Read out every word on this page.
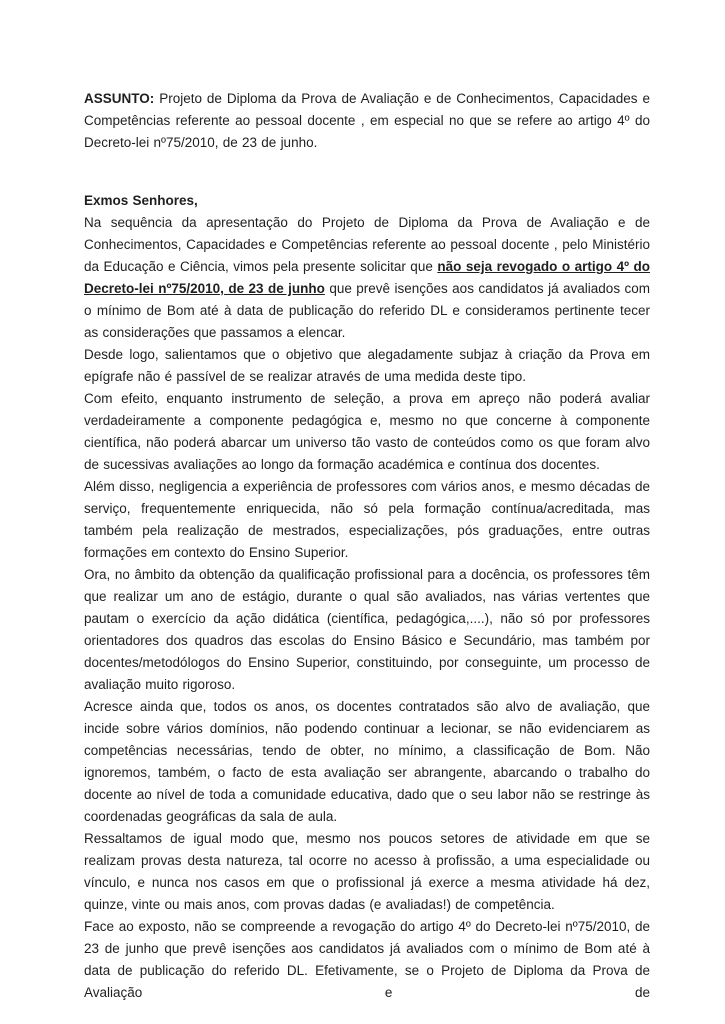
ASSUNTO: Projeto de Diploma da Prova de Avaliação e de Conhecimentos, Capacidades e Competências referente ao pessoal docente , em especial no que se refere ao artigo 4º do Decreto-lei nº75/2010, de 23 de junho.

Exmos Senhores,

Na sequência da apresentação do Projeto de Diploma da Prova de Avaliação e de Conhecimentos, Capacidades e Competências referente ao pessoal docente , pelo Ministério da Educação e Ciência, vimos pela presente solicitar que não seja revogado o artigo 4º do Decreto-lei nº75/2010, de 23 de junho que prevê isenções aos candidatos já avaliados com o mínimo de Bom até à data de publicação do referido DL e consideramos pertinente tecer as considerações que passamos a elencar.

Desde logo, salientamos que o objetivo que alegadamente subjaz à criação da Prova em epígrafe não é passível de se realizar através de uma medida deste tipo.

Com efeito, enquanto instrumento de seleção, a prova em apreço não poderá avaliar verdadeiramente a componente pedagógica e, mesmo no que concerne à componente científica, não poderá abarcar um universo tão vasto de conteúdos como os que foram alvo de sucessivas avaliações ao longo da formação académica e contínua dos docentes.

Além disso, negligencia a experiência de professores com vários anos, e mesmo décadas de serviço, frequentemente enriquecida, não só pela formação contínua/acreditada, mas também pela realização de mestrados, especializações, pós graduações, entre outras formações em contexto do Ensino Superior.

Ora, no âmbito da obtenção da qualificação profissional para a docência, os professores têm que realizar um ano de estágio, durante o qual são avaliados, nas várias vertentes que pautam o exercício da ação didática (científica, pedagógica,....), não só por professores orientadores dos quadros das escolas do Ensino Básico e Secundário, mas também por docentes/metodólogos do Ensino Superior, constituindo, por conseguinte, um processo de avaliação muito rigoroso.

Acresce ainda que, todos os anos, os docentes contratados são alvo de avaliação, que incide sobre vários domínios, não podendo continuar a lecionar, se não evidenciarem as competências necessárias, tendo de obter, no mínimo, a classificação de Bom. Não ignoremos, também, o facto de esta avaliação ser abrangente, abarcando o trabalho do docente ao nível de toda a comunidade educativa, dado que o seu labor não se restringe às coordenadas geográficas da sala de aula.

Ressaltamos de igual modo que, mesmo nos poucos setores de atividade em que se realizam provas desta natureza, tal ocorre no acesso à profissão, a uma especialidade ou vínculo, e nunca nos casos em que o profissional já exerce a mesma atividade há dez, quinze, vinte ou mais anos, com provas dadas (e avaliadas!) de competência.

Face ao exposto, não se compreende a revogação do artigo 4º do Decreto-lei nº75/2010, de 23 de junho que prevê isenções aos candidatos já avaliados com o mínimo de Bom até à data de publicação do referido DL. Efetivamente, se o Projeto de Diploma da Prova de Avaliação e de
